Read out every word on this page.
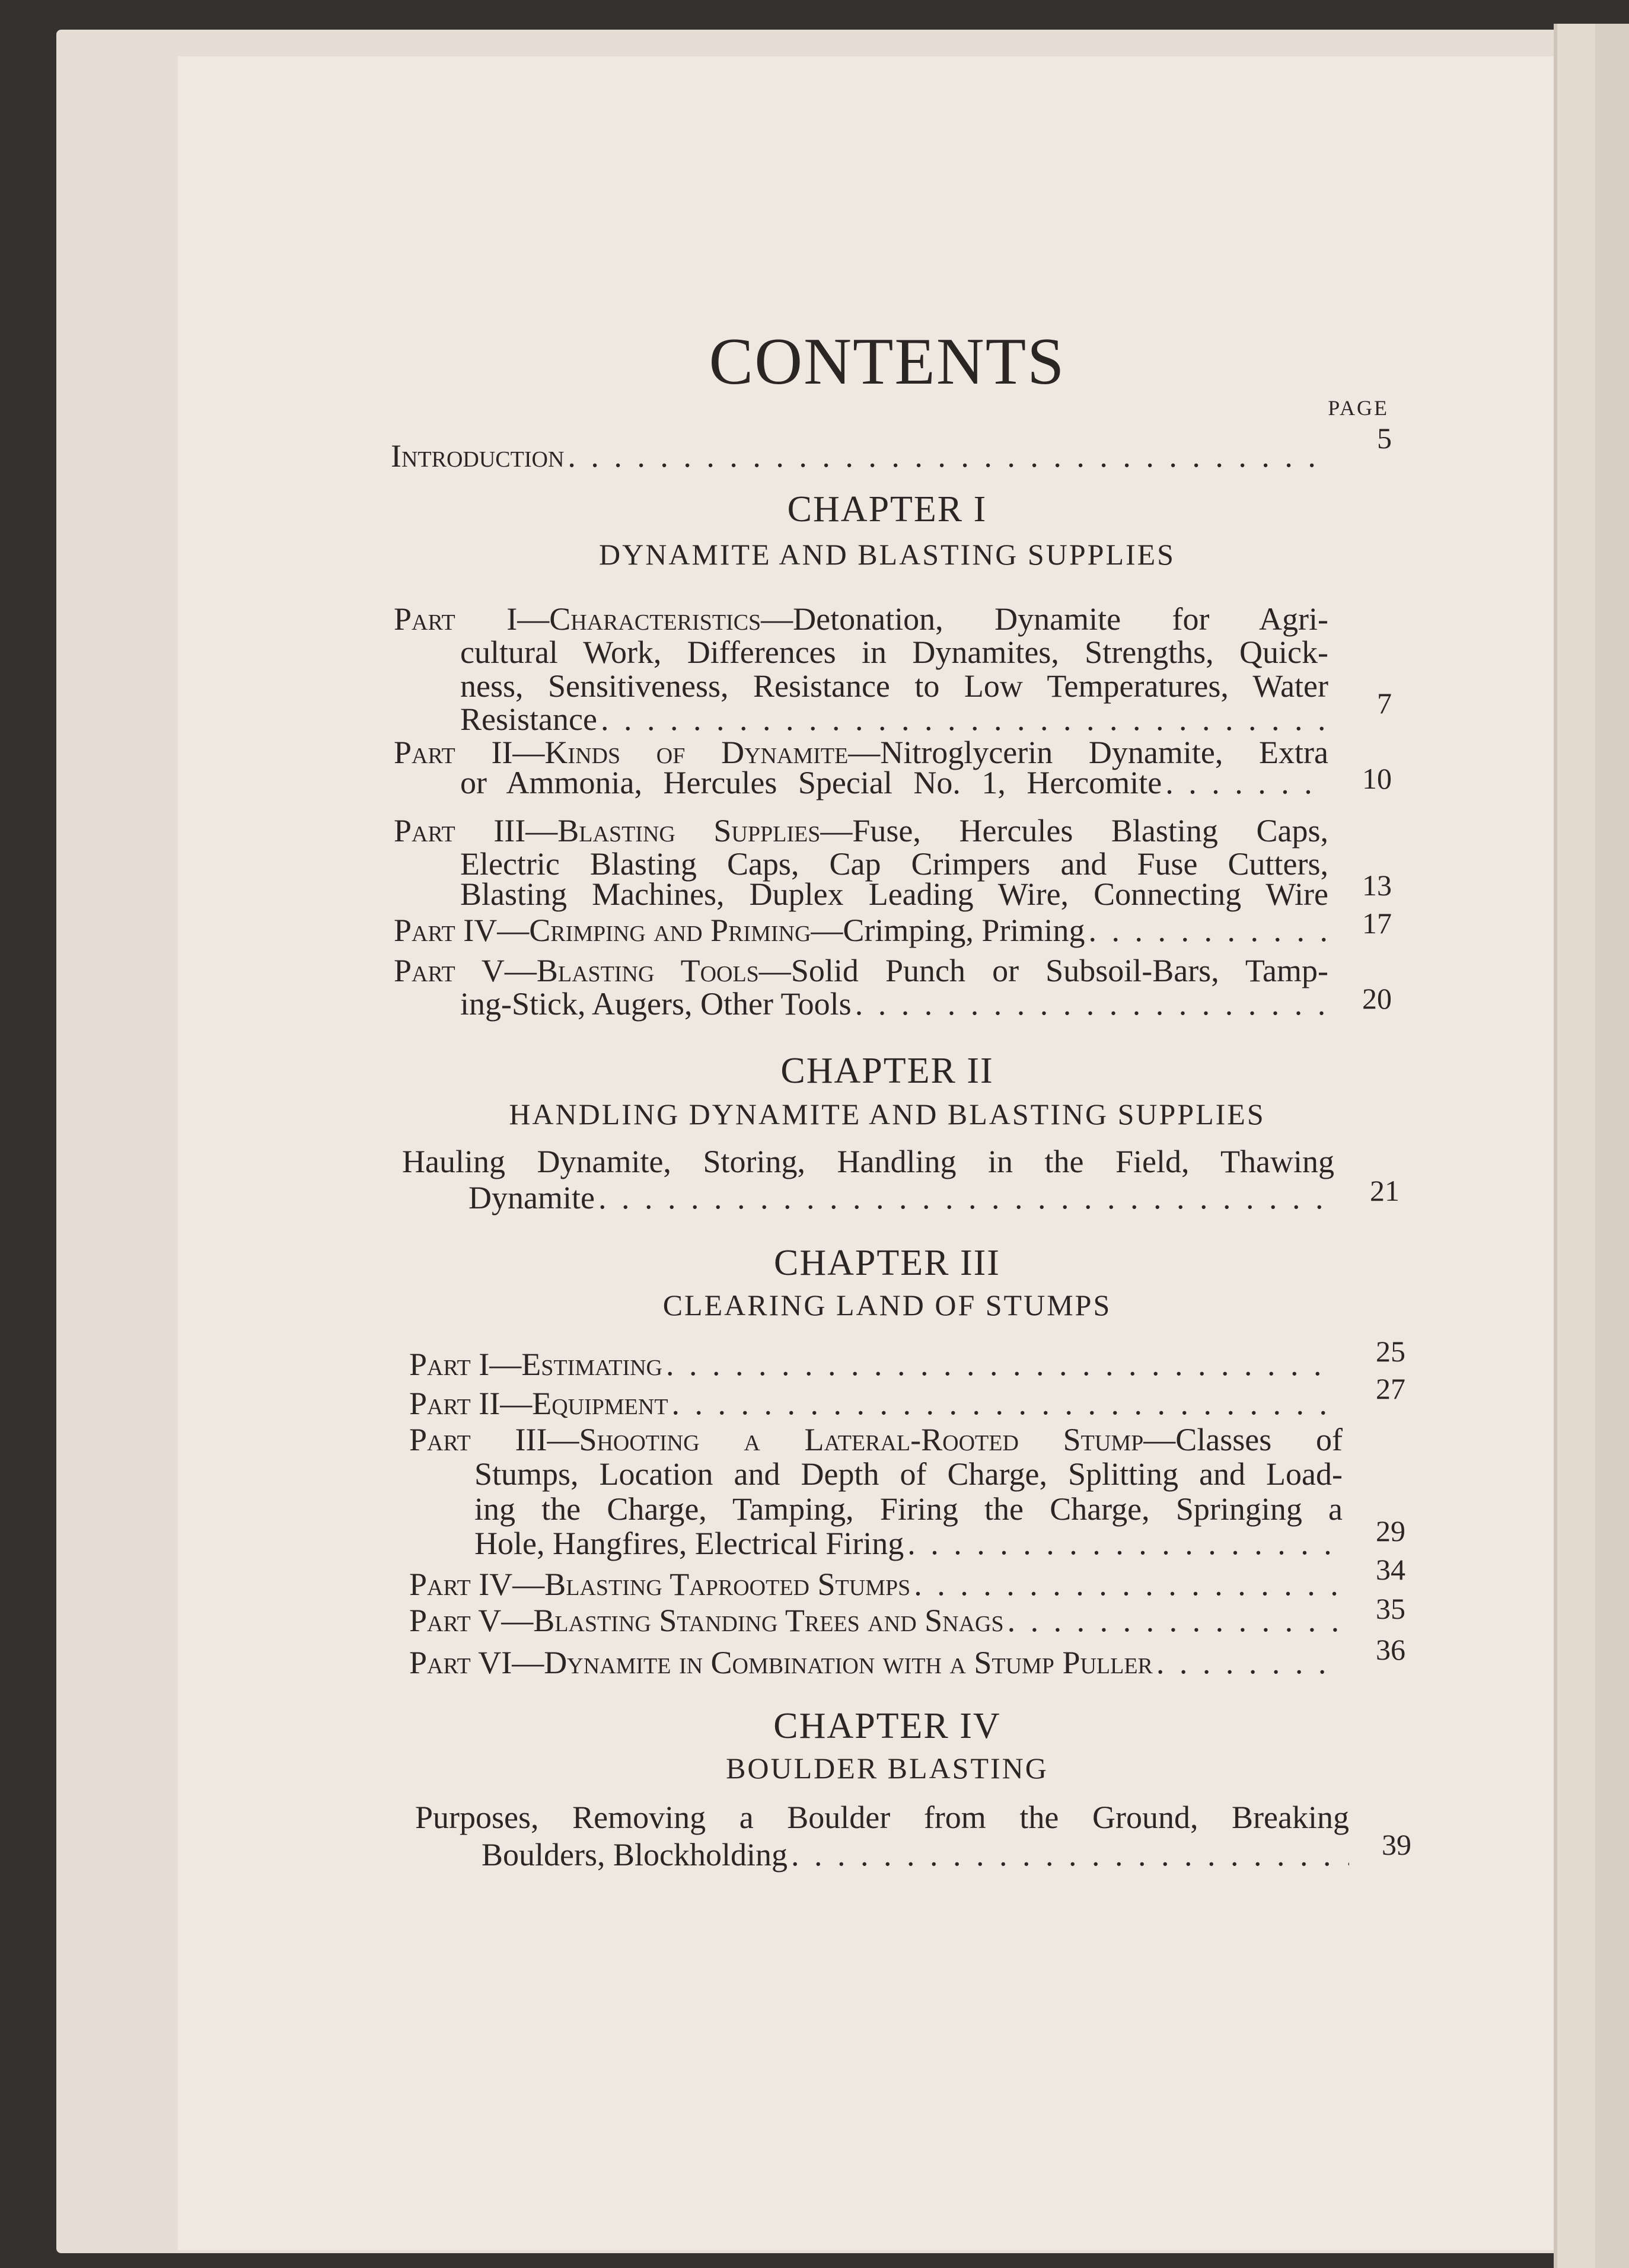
CONTENTS
PAGE
Introduction . . .	5
CHAPTER I
DYNAMITE AND BLASTING SUPPLIES
Part I—Characteristics—Detonation, Dynamite for Agri-
cultural Work, Differences in Dynamites, Strengths, Quick-
ness, Sensitiveness, Resistance to Low Temperatures, Water
Resistance . . .	7
Part II—Kinds of Dynamite—Nitroglycerin Dynamite, Extra
or Ammonia, Hercules Special No. 1, Hercomite . . .	10
Part III—Blasting Supplies—Fuse, Hercules Blasting Caps,
Electric Blasting Caps, Cap Crimpers and Fuse Cutters,
Blasting Machines, Duplex Leading Wire, Connecting Wire	13
Part IV—Crimping and Priming— Crimping, Priming . . .	17
Part V—Blasting Tools—Solid Punch or Subsoil-Bars, Tamp-
ing-Stick, Augers, Other Tools . . .	20
CHAPTER II
HANDLING DYNAMITE AND BLASTING SUPPLIES
Hauling Dynamite, Storing, Handling in the Field, Thawing
Dynamite . . .	21
CHAPTER III
CLEARING LAND OF STUMPS
Part I—Estimating . . .	25
Part II—Equipment . . .	27
Part III—Shooting a Lateral-Rooted Stump—Classes of
Stumps, Location and Depth of Charge, Splitting and Load-
ing the Charge, Tamping, Firing the Charge, Springing a
Hole, Hangfires, Electrical Firing . . .	29
Part IV—Blasting Taprooted Stumps . . .	34
Part V—Blasting Standing Trees and Snags . . .	35
Part VI—Dynamite in Combination with a Stump Puller . . .	36
CHAPTER IV
BOULDER BLASTING
Purposes, Removing a Boulder from the Ground, Breaking
Boulders, Blockholding . . .	39
